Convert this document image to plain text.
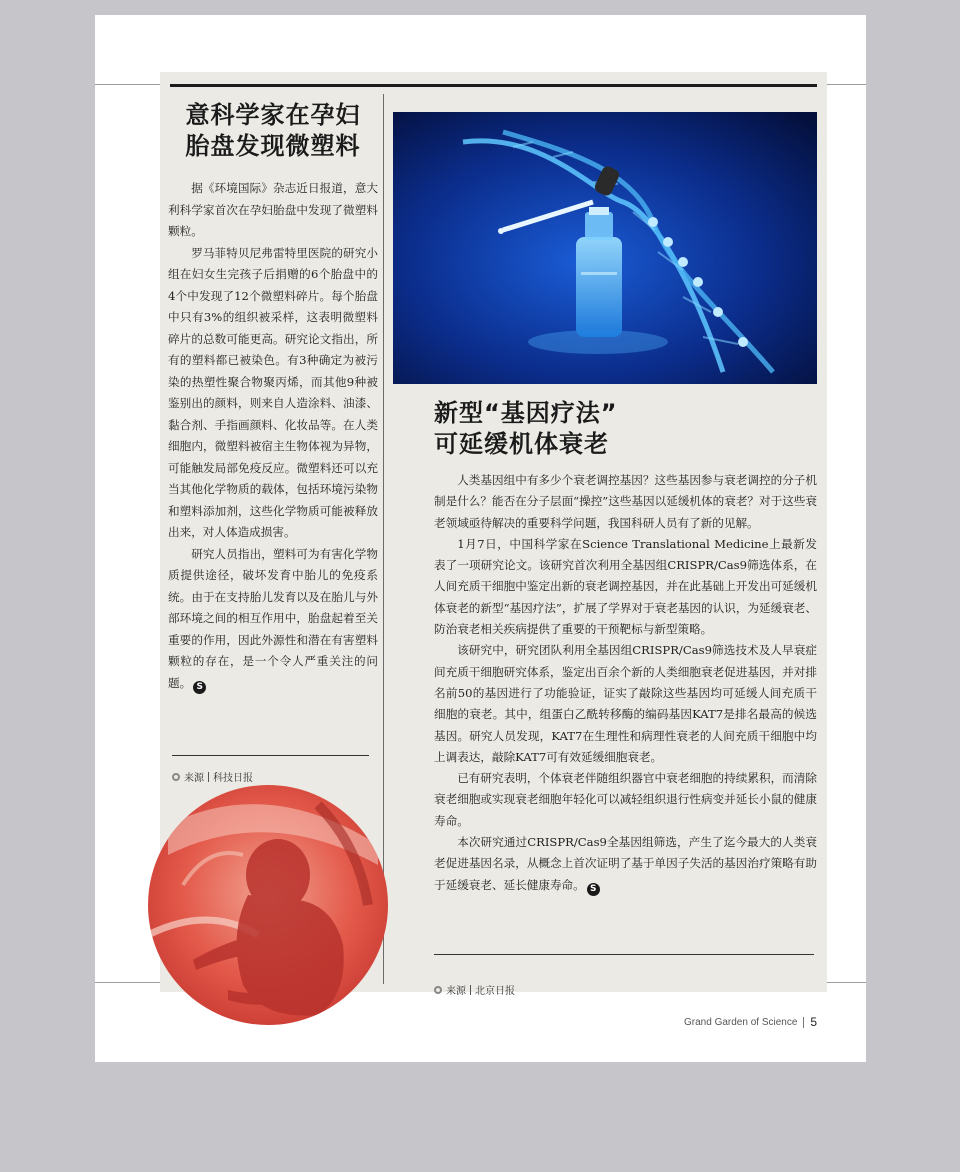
意科学家在孕妇
胎盘发现微塑料

据《环境国际》杂志近日报道，意大利科学家首次在孕妇胎盘中发现了微塑料颗粒。

罗马菲特贝尼弗雷特里医院的研究小组在妇女生完孩子后捐赠的6个胎盘中的4个中发现了12个微塑料碎片。每个胎盘中只有3%的组织被采样，这表明微塑料碎片的总数可能更高。研究论文指出，所有的塑料都已被染色。有3种确定为被污染的热塑性聚合物聚丙烯，而其他9种被鉴别出的颜料，则来自人造涂料、油漆、黏合剂、手指画颜料、化妆品等。在人类细胞内，微塑料被宿主生物体视为异物，可能触发局部免疫反应。微塑料还可以充当其他化学物质的载体，包括环境污染物和塑料添加剂，这些化学物质可能被释放出来，对人体造成损害。

研究人员指出，塑料可为有害化学物质提供途径，破坏发育中胎儿的免疫系统。由于在支持胎儿发育以及在胎儿与外部环境之间的相互作用中，胎盘起着至关重要的作用，因此外源性和潜在有害塑料颗粒的存在，是一个令人严重关注的问题。 S

来源 科技日报
新型“基因疗法”
可延缓机体衰老

人类基因组中有多少个衰老调控基因？这些基因参与衰老调控的分子机制是什么？能否在分子层面“操控”这些基因以延缓机体的衰老？对于这些衰老领域亟待解决的重要科学问题，我国科研人员有了新的见解。

1月7日，中国科学家在Science Translational Medicine上最新发表了一项研究论文。该研究首次利用全基因组CRISPR/Cas9筛选体系，在人间充质干细胞中鉴定出新的衰老调控基因，并在此基础上开发出可延缓机体衰老的新型“基因疗法”，扩展了学界对于衰老基因的认识，为延缓衰老、防治衰老相关疾病提供了重要的干预靶标与新型策略。

该研究中，研究团队利用全基因组CRISPR/Cas9筛选技术及人早衰症间充质干细胞研究体系，鉴定出百余个新的人类细胞衰老促进基因，并对排名前50的基因进行了功能验证，证实了敲除这些基因均可延缓人间充质干细胞的衰老。其中，组蛋白乙酰转移酶的编码基因KAT7是排名最高的候选基因。研究人员发现，KAT7在生理性和病理性衰老的人间充质干细胞中均上调表达，敲除KAT7可有效延缓细胞衰老。

已有研究表明，个体衰老伴随组织器官中衰老细胞的持续累积，而清除衰老细胞或实现衰老细胞年轻化可以减轻组织退行性病变并延长小鼠的健康寿命。

本次研究通过CRISPR/Cas9全基因组筛选，产生了迄今最大的人类衰老促进基因名录，从概念上首次证明了基于单因子失活的基因治疗策略有助于延缓衰老、延长健康寿命。 S

来源 北京日报
Grand Garden of Science 5
